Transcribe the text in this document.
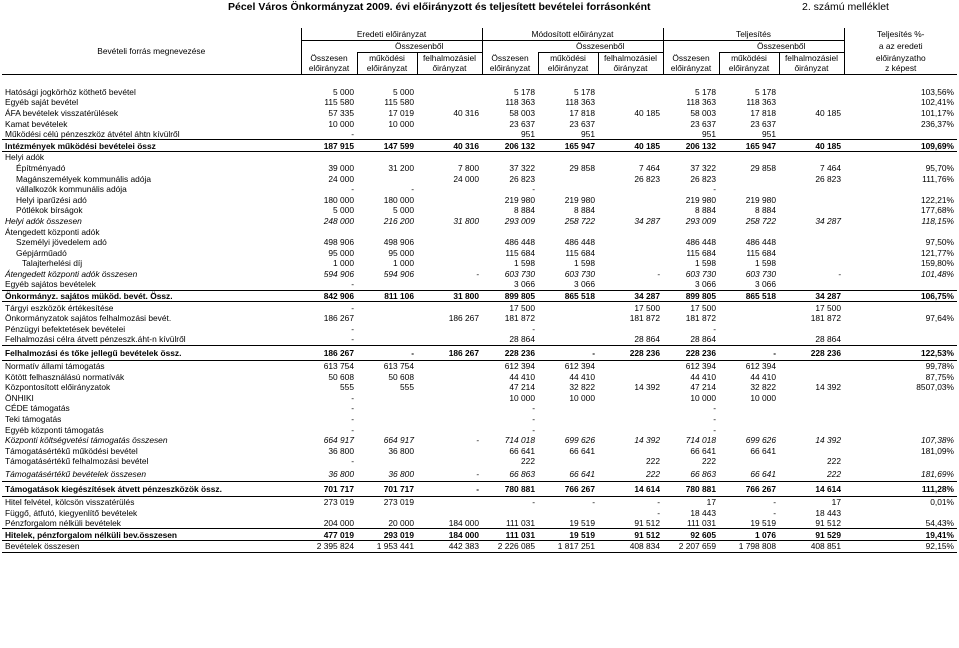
Pécel Város Önkormányzat 2009. évi előirányzott és teljesített bevételei forrásonként	2. számú melléklet
Bevételi forrás megnevezése	Eredeti előirányzat			Módosított előirányzat			Teljesítés			Teljesítés %-
		Összesenből			Összesenből			Összesenből		a az eredeti
	Összesen	működési	felhalmozásiel	Összesen	működési	felhalmozásiel	Összesen	működési	felhalmozásiel	előirányzatho
	előirányzat	előirányzat	őirányzat	előirányzat	előirányzat	őirányzat	előirányzat	előirányzat	őirányzat	z képest

Hatósági jogkörhöz köthető bevétel	5 000	5 000		5 178	5 178		5 178	5 178		103,56%
Egyéb saját bevétel	115 580	115 580		118 363	118 363		118 363	118 363		102,41%
ÁFA bevételek visszatérülések	57 335	17 019	40 316	58 003	17 818	40 185	58 003	17 818	40 185	101,17%
Kamat bevételek	10 000	10 000		23 637	23 637		23 637	23 637		236,37%
Működési célú pénzeszköz átvétel áhtn kívülről	-			951	951		951	951		
Intézmények működési bevételei össz	187 915	147 599	40 316	206 132	165 947	40 185	206 132	165 947	40 185	109,69%
Helyi adók										
Építményadó	39 000	31 200	7 800	37 322	29 858	7 464	37 322	29 858	7 464	95,70%
Magánszemélyek kommunális adója	24 000		24 000	26 823		26 823	26 823		26 823	111,76%
vállalkozók kommunális adója	-	-		-			-			
Helyi iparűzési adó	180 000	180 000		219 980	219 980		219 980	219 980		122,21%
Pótlékok bírságok	5 000	5 000		8 884	8 884		8 884	8 884		177,68%
Helyi adók összesen	248 000	216 200	31 800	293 009	258 722	34 287	293 009	258 722	34 287	118,15%
Átengedett központi adók										
Személyi jövedelem adó	498 906	498 906		486 448	486 448		486 448	486 448		97,50%
Gépjárműadó	95 000	95 000		115 684	115 684		115 684	115 684		121,77%
Talajterhelési díj	1 000	1 000		1 598	1 598		1 598	1 598		159,80%
Átengedett központi adók összesen	594 906	594 906	-	603 730	603 730	-	603 730	603 730	-	101,48%
Egyéb sajátos bevételek	-			3 066	3 066		3 066	3 066		
Önkormányz. sajátos müköd. bevét. Össz.	842 906	811 106	31 800	899 805	865 518	34 287	899 805	865 518	34 287	106,75%
Tárgyi eszközök értékesítése	-			17 500		17 500	17 500		17 500	
Önkormányzatok sajátos felhalmozási bevét.	186 267		186 267	181 872		181 872	181 872		181 872	97,64%
Pénzügyi befektetések bevételei	-			-			-			
Felhalmozási célra átvett pénzeszk.áht-n kívülről	-			28 864		28 864	28 864		28 864	
Felhalmozási és tőke jellegű bevételek össz.	186 267	-	186 267	228 236	-	228 236	228 236	-	228 236	122,53%
Normatív állami támogatás	613 754	613 754		612 394	612 394		612 394	612 394		99,78%
Kötött felhasználású normatívák	50 608	50 608		44 410	44 410		44 410	44 410		87,75%
Központosított előirányzatok	555	555		47 214	32 822	14 392	47 214	32 822	14 392	8507,03%
ÖNHIKI	-			10 000	10 000		10 000	10 000		
CÉDE támogatás	-			-			-			
Teki támogatás	-			-			-			
Egyéb központi támogatás	-			-			-			
Központi költségvetési támogatás összesen	664 917	664 917	-	714 018	699 626	14 392	714 018	699 626	14 392	107,38%
Támogatásértékű működési bevétel	36 800	36 800		66 641	66 641		66 641	66 641		181,09%
Támogatásértékű felhalmozási bevétel	-			222		222	222		222	
Támogatásértékű bevételek összesen	36 800	36 800	-	66 863	66 641	222	66 863	66 641	222	181,69%
Támogatások kiegészítések átvett pénzeszközök össz.	701 717	701 717	-	780 881	766 267	14 614	780 881	766 267	14 614	111,28%
Hitel felvétel, kölcsön visszatérülés	273 019	273 019		-	-	-	17	-	17	0,01%
Függő, átfutó, kiegyenlítő bevételek						-	18 443	-	18 443	
Pénzforgalom nélküli bevételek	204 000	20 000	184 000	111 031	19 519	91 512	111 031	19 519	91 512	54,43%
Hitelek, pénzforgalom nélküli bev.összesen	477 019	293 019	184 000	111 031	19 519	91 512	92 605	1 076	91 529	19,41%
Bevételek összesen	2 395 824	1 953 441	442 383	2 226 085	1 817 251	408 834	2 207 659	1 798 808	408 851	92,15%
